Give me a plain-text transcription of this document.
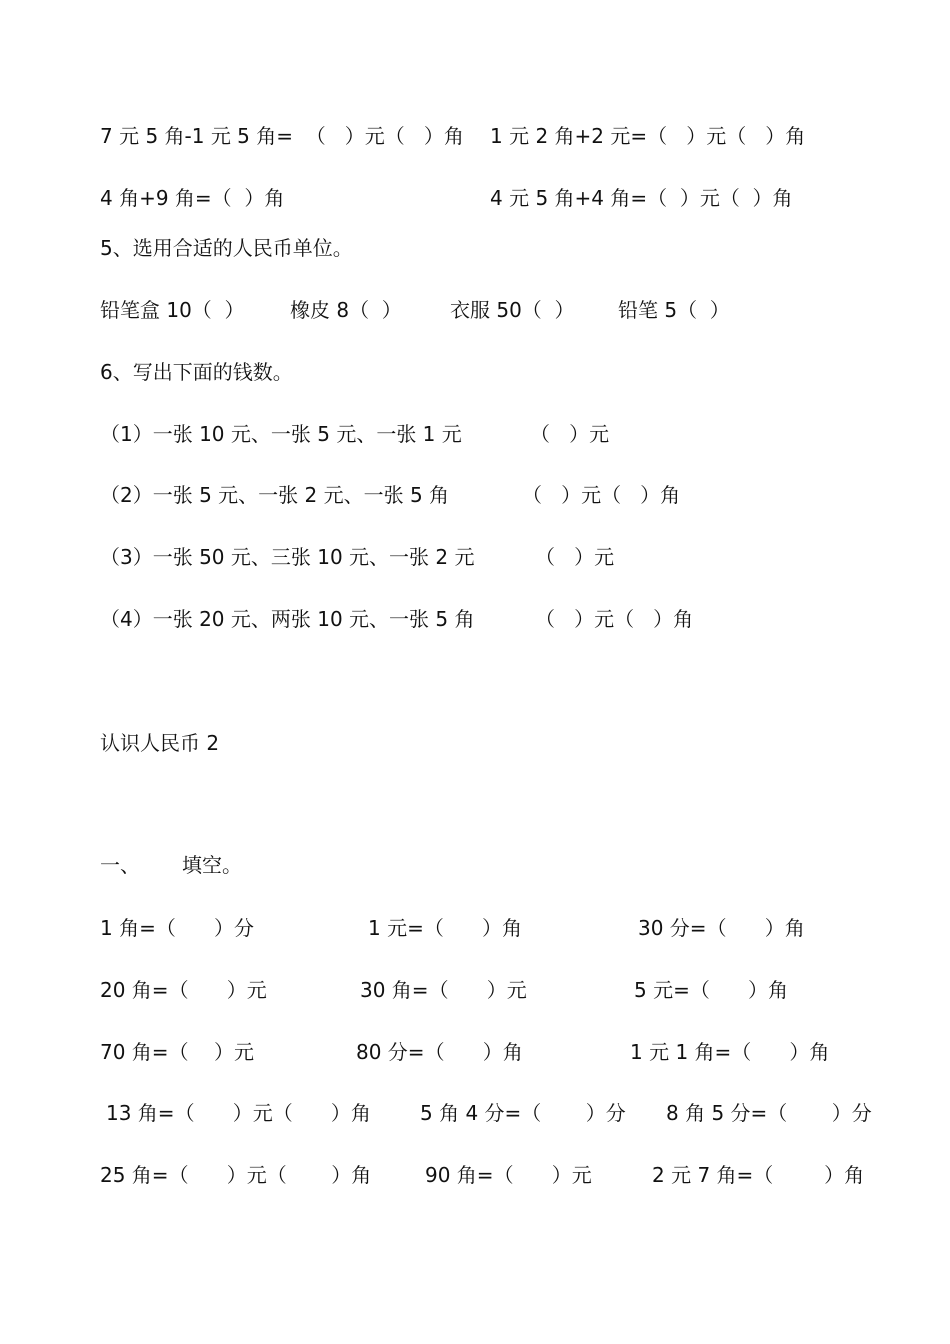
7 元 5 角-1 元 5 角=  （   ）元（   ）角 1 元 2 角+2 元=（   ）元（   ）角
4 角+9 角=（  ）角	4 元 5 角+4 角=（  ）元（  ）角
5、选用合适的人民币单位。
铅笔盒 10（  ） 橡皮 8（  ） 衣服 50（  ） 铅笔 5（  ）
6、写出下面的钱数。
（1）一张 10 元、一张 5 元、一张 1 元	（   ）元
（2）一张 5 元、一张 2 元、一张 5 角	（   ）元（   ）角
（3）一张 50 元、三张 10 元、一张 2 元	（   ）元
（4）一张 20 元、两张 10 元、一张 5 角	（   ）元（   ）角
认识人民币 2
一、 填空。
1 角=（      ）分	1 元=（      ）角	30 分=（      ）角
20 角=（      ）元	30 角=（      ）元	5 元=（      ）角
70 角=（    ）元	80 分=（      ）角	1 元 1 角=（      ）角
13 角=（      ）元（      ）角 5 角 4 分=（       ）分 8 角 5 分=（       ）分
25 角=（      ）元（       ）角	90 角=（      ）元	2 元 7 角=（        ）角
